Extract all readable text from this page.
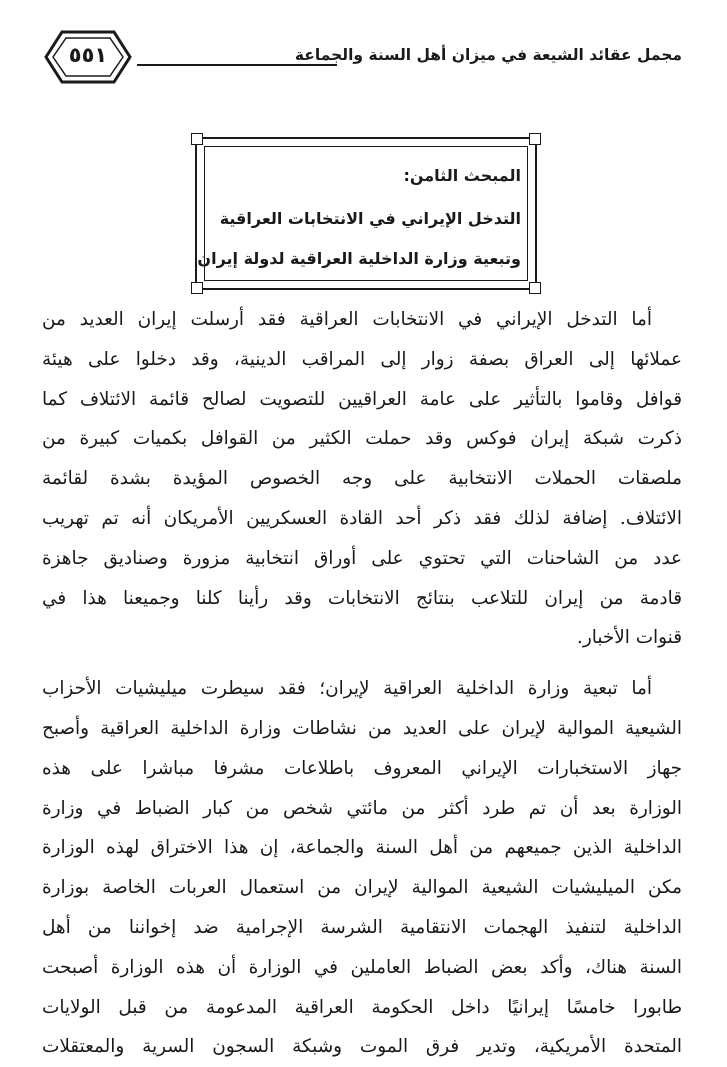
مجمل عقائد الشيعة في ميزان أهل السنة والجماعة
٥٥١
المبحث الثامن:
التدخل الإيراني في الانتخابات العراقية
وتبعية وزارة الداخلية العراقية لدولة إيران

أما التدخل الإيراني في الانتخابات العراقية فقد أرسلت إيران العديد من
عملائها إلى العراق بصفة زوار إلى المراقب الدينية، وقد دخلوا على هيئة
قوافل وقاموا بالتأثير على عامة العراقيين للتصويت لصالح قائمة الائتلاف كما
ذكرت شبكة إيران فوكس وقد حملت الكثير من القوافل بكميات كبيرة من
ملصقات الحملات الانتخابية على وجه الخصوص المؤيدة بشدة لقائمة
الائتلاف. إضافة لذلك فقد ذكر أحد القادة العسكريين الأمريكان أنه تم تهريب
عدد من الشاحنات التي تحتوي على أوراق انتخابية مزورة وصناديق جاهزة
قادمة من إيران للتلاعب بنتائج الانتخابات وقد رأينا كلنا وجميعنا هذا في
قنوات الأخبار.

أما تبعية وزارة الداخلية العراقية لإيران؛ فقد سيطرت ميليشيات الأحزاب
الشيعية الموالية لإيران على العديد من نشاطات وزارة الداخلية العراقية وأصبح
جهاز الاستخبارات الإيراني المعروف باطلاعات مشرفا مباشرا على هذه
الوزارة بعد أن تم طرد أكثر من مائتي شخص من كبار الضباط في وزارة
الداخلية الذين جميعهم من أهل السنة والجماعة، إن هذا الاختراق لهذه الوزارة
مكن الميليشيات الشيعية الموالية لإيران من استعمال العربات الخاصة بوزارة
الداخلية لتنفيذ الهجمات الانتقامية الشرسة الإجرامية ضد إخواننا من أهل
السنة هناك، وأكد بعض الضباط العاملين في الوزارة أن هذه الوزارة أصبحت
طابورا خامسًا إيرانيًا داخل الحكومة العراقية المدعومة من قبل الولايات
المتحدة الأمريكية، وتدير فرق الموت وشبكة السجون السرية والمعتقلات
